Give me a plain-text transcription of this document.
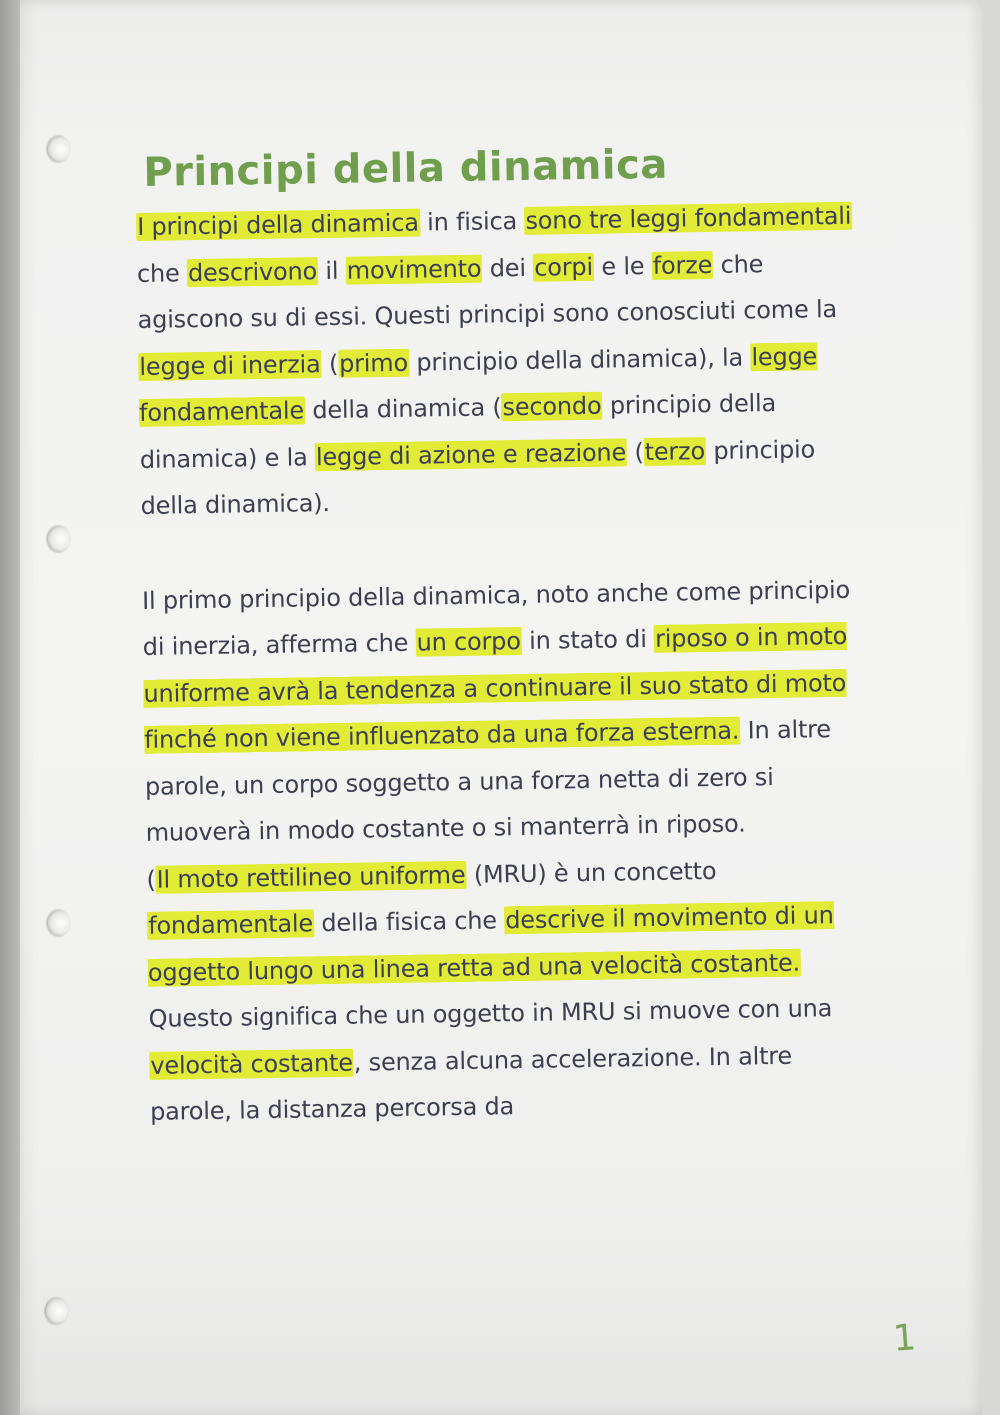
Principi della dinamica

I principi della dinamica in fisica sono tre leggi fondamentali che descrivono il movimento dei corpi e le forze che agiscono su di essi. Questi principi sono conosciuti come la legge di inerzia (primo principio della dinamica), la legge fondamentale della dinamica (secondo principio della dinamica) e la legge di azione e reazione (terzo principio della dinamica).

Il primo principio della dinamica, noto anche come principio di inerzia, afferma che un corpo in stato di riposo o in moto uniforme avrà la tendenza a continuare il suo stato di moto finché non viene influenzato da una forza esterna. In altre parole, un corpo soggetto a una forza netta di zero si muoverà in modo costante o si manterrà in riposo.

(Il moto rettilineo uniforme (MRU) è un concetto fondamentale della fisica che descrive il movimento di un oggetto lungo una linea retta ad una velocità costante. Questo significa che un oggetto in MRU si muove con una velocità costante, senza alcuna accelerazione. In altre parole, la distanza percorsa da

1
